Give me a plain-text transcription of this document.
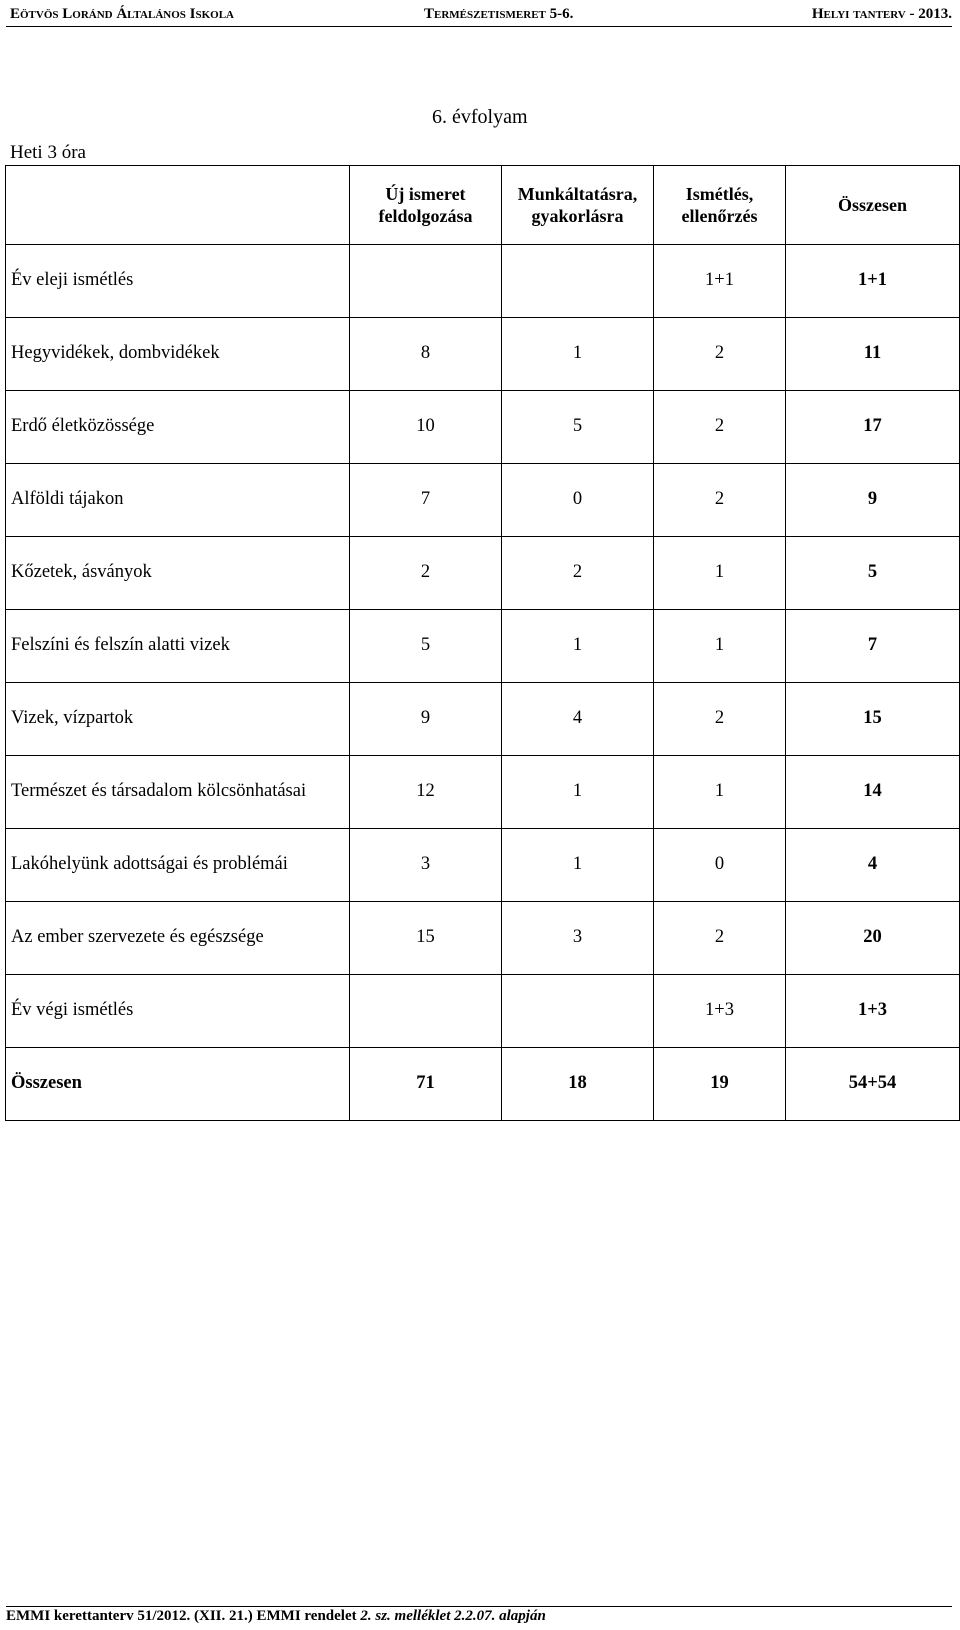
Eötvös Loránd Általános Iskola	Természetismeret 5-6.	Helyi tanterv - 2013.
6. évfolyam
Heti 3 óra
	Új ismeret feldolgozása	Munkáltatásra, gyakorlásra	Ismétlés, ellenőrzés	Összesen
Év eleji ismétlés			1+1	1+1
Hegyvidékek, dombvidékek	8	1	2	11
Erdő életközössége	10	5	2	17
Alföldi tájakon	7	0	2	9
Kőzetek, ásványok	2	2	1	5
Felszíni és felszín alatti vizek	5	1	1	7
Vizek, vízpartok	9	4	2	15
Természet és társadalom kölcsönhatásai	12	1	1	14
Lakóhelyünk adottságai és problémái	3	1	0	4
Az ember szervezete és egészsége	15	3	2	20
Év végi ismétlés			1+3	1+3
Összesen	71	18	19	54+54
EMMI kerettanterv 51/2012. (XII. 21.) EMMI rendelet 2. sz. melléklet 2.2.07. alapján
